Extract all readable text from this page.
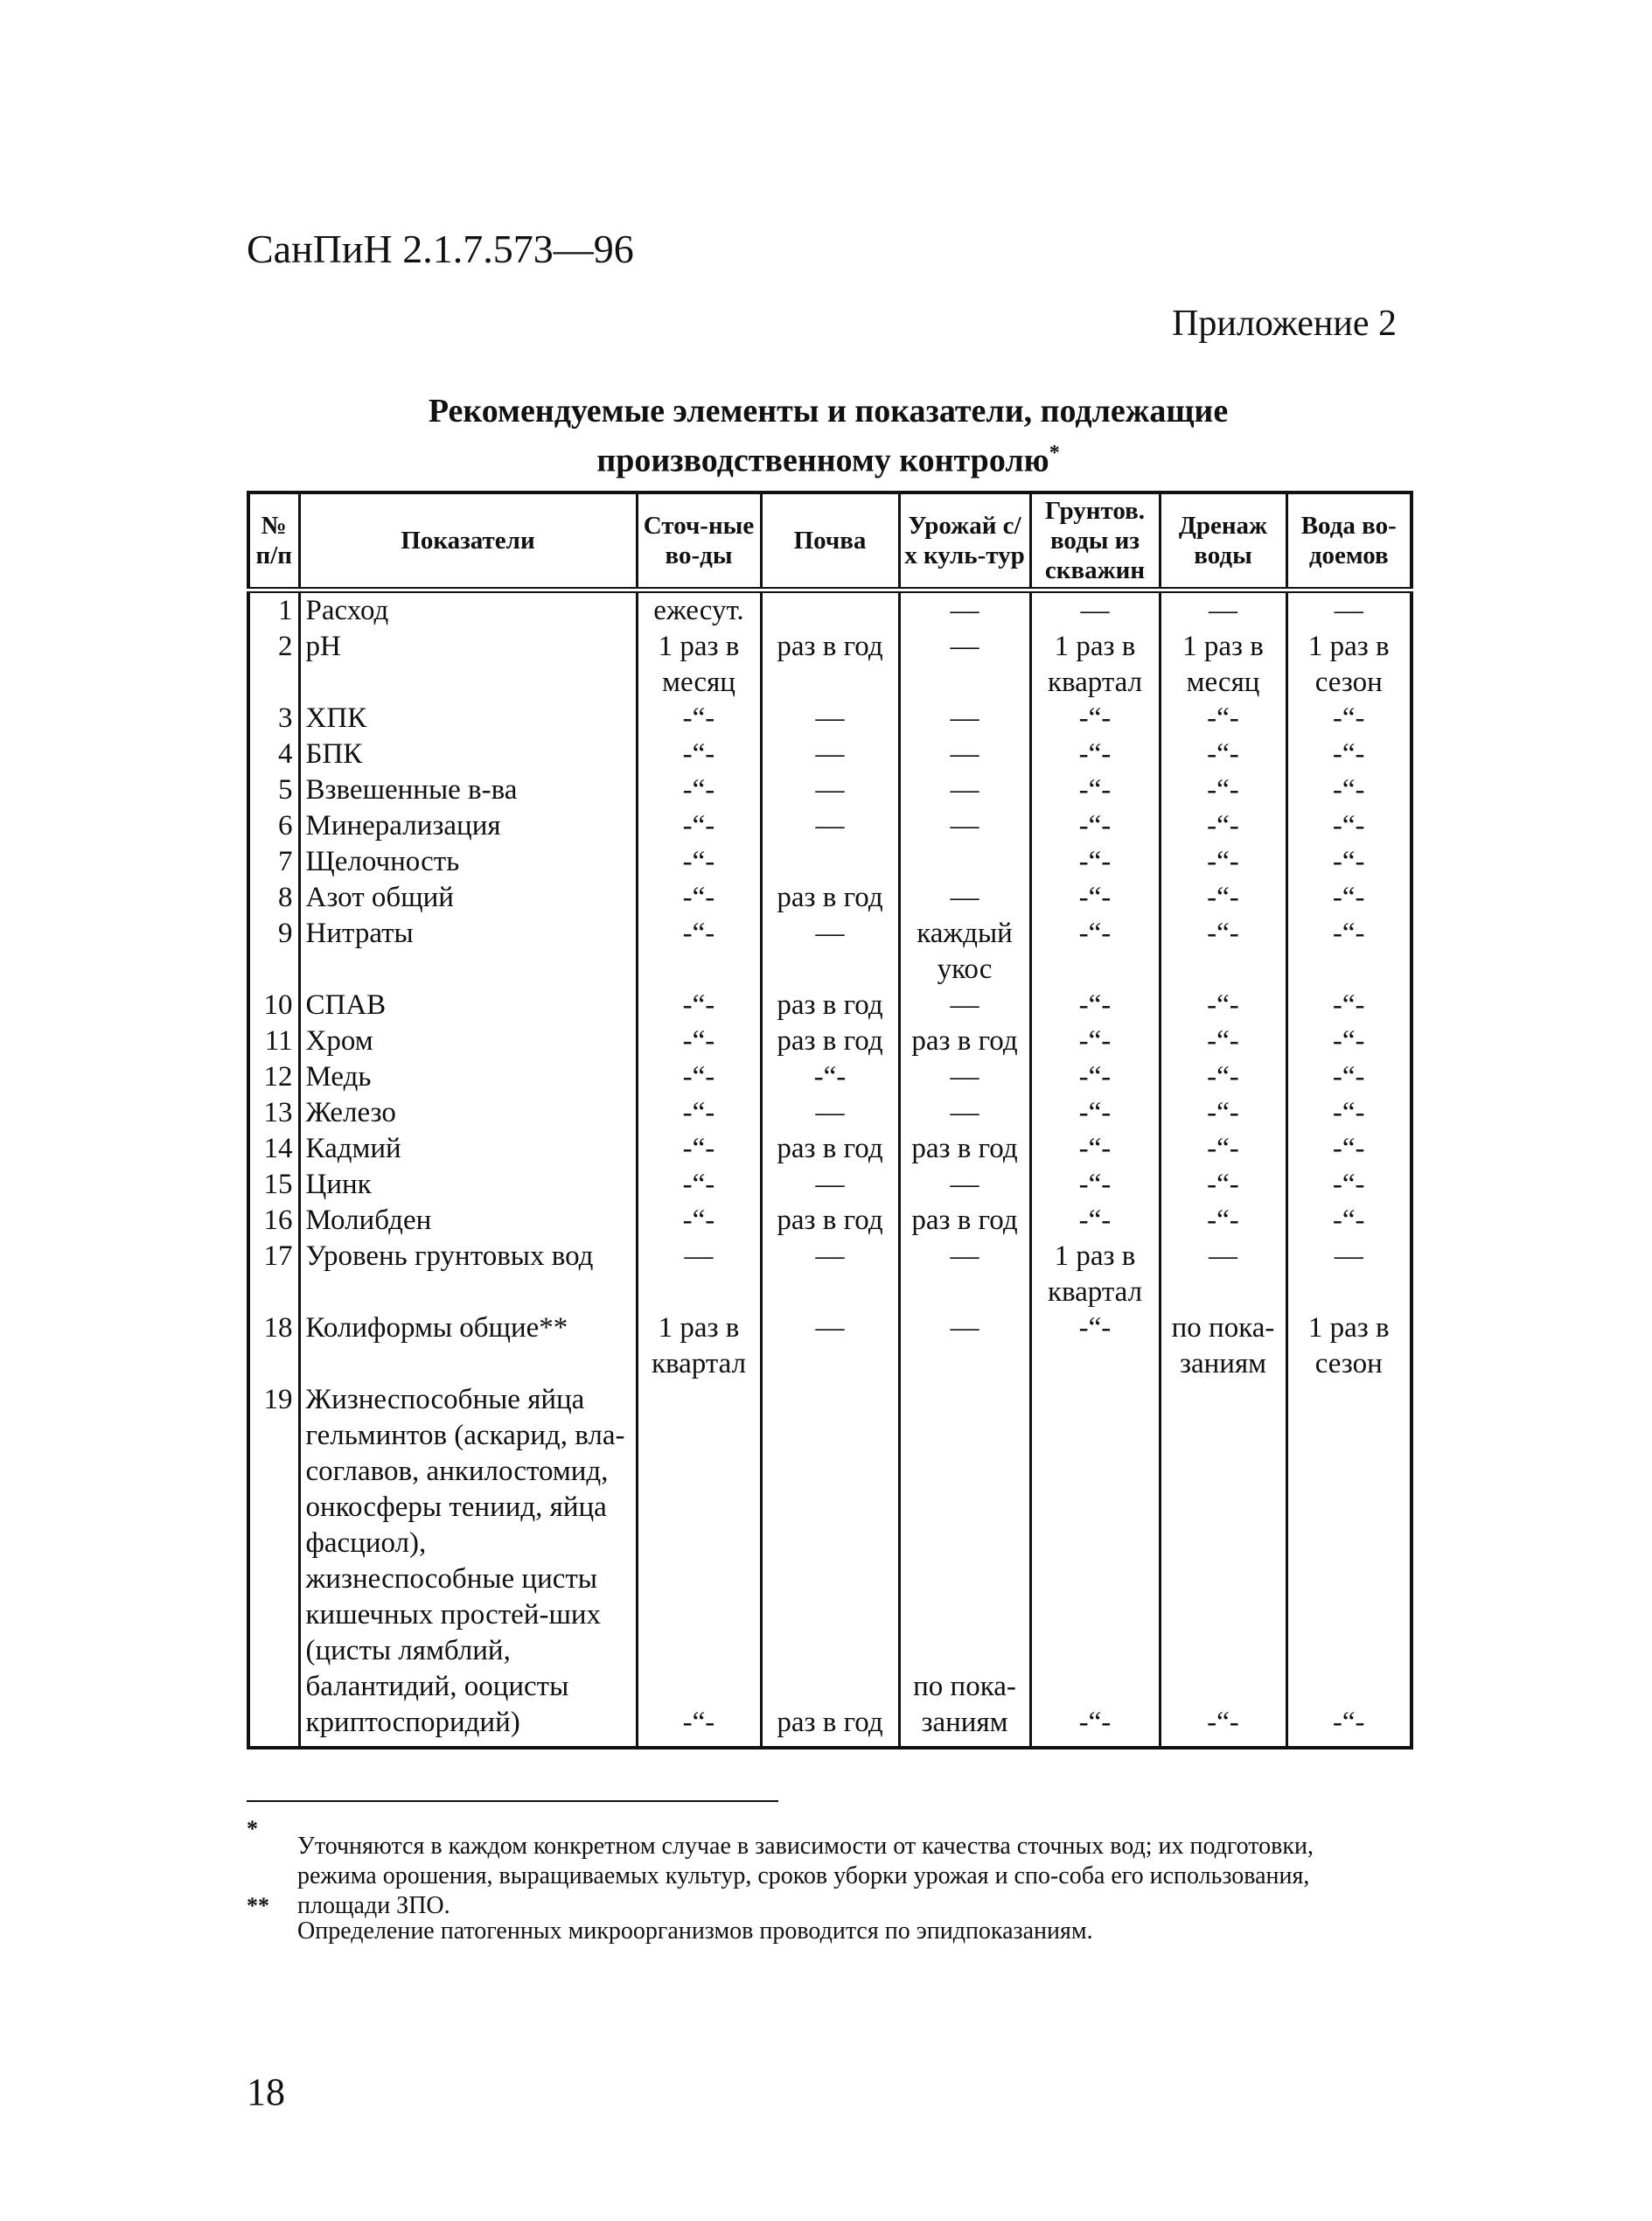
СанПиН 2.1.7.573—96
Приложение 2
Рекомендуемые элементы и показатели, подлежащие
производственному контролю*
№ п/п	Показатели	Сточ-ные во-ды	Почва	Урожай с/х куль-тур	Грунтов. воды из скважин	Дренаж воды	Вода во-доемов
1	Расход	ежесут.		—	—	—	—
2	pH	1 раз в месяц	раз в год	—	1 раз в квартал	1 раз в месяц	1 раз в сезон
3	ХПК	-“-	—	—	-“-	-“-	-“-
4	БПК	-“-	—	—	-“-	-“-	-“-
5	Взвешенные в-ва	-“-	—	—	-“-	-“-	-“-
6	Минерализация	-“-	—	—	-“-	-“-	-“-
7	Щелочность	-“-			-“-	-“-	-“-
8	Азот общий	-“-	раз в год	—	-“-	-“-	-“-
9	Нитраты	-“-	—	каждый укос	-“-	-“-	-“-
10	СПАВ	-“-	раз в год	—	-“-	-“-	-“-
11	Хром	-“-	раз в год	раз в год	-“-	-“-	-“-
12	Медь	-“-	-“-	—	-“-	-“-	-“-
13	Железо	-“-	—	—	-“-	-“-	-“-
14	Кадмий	-“-	раз в год	раз в год	-“-	-“-	-“-
15	Цинк	-“-	—	—	-“-	-“-	-“-
16	Молибден	-“-	раз в год	раз в год	-“-	-“-	-“-
17	Уровень грунтовых вод	—	—	—	1 раз в квартал	—	—
18	Колиформы общие**	1 раз в квартал	—	—	-“-	по пока-заниям	1 раз в сезон
19	Жизнеспособные яйца гельминтов (аскарид, вла-соглавов, анкилостомид, онкосферы тениид, яйца фасциол), жизнеспособные цисты кишечных простей-ших (цисты лямблий, балантидий, ооцисты криптоспоридий)	-“-	раз в год	по пока-заниям	-“-	-“-	-“-
*
Уточняются в каждом конкретном случае в зависимости от качества сточных вод; их подготовки, режима орошения, выращиваемых культур, сроков уборки урожая и спо-соба его использования, площади ЗПО.
**
Определение патогенных микроорганизмов проводится по эпидпоказаниям.
18
